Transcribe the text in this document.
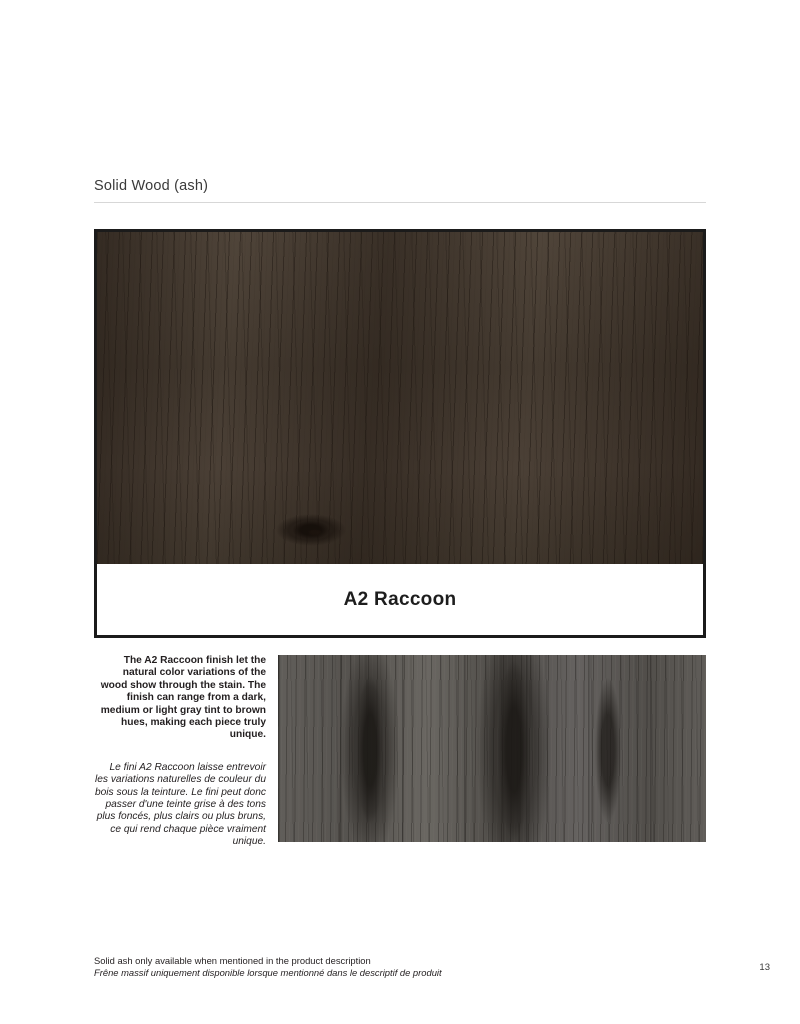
Solid Wood (ash)
A2 Raccoon

The A2 Raccoon finish let the natural color variations of the wood show through the stain. The finish can range from a dark, medium or light gray tint to brown hues, making each piece truly unique.

Le fini A2 Raccoon laisse entrevoir les variations naturelles de couleur du bois sous la teinture. Le fini peut donc passer d'une teinte grise à des tons plus foncés, plus clairs ou plus bruns, ce qui rend chaque pièce vraiment unique.

Solid ash only available when mentioned in the product description

Frêne massif uniquement disponible lorsque mentionné dans le descriptif de produit	13
